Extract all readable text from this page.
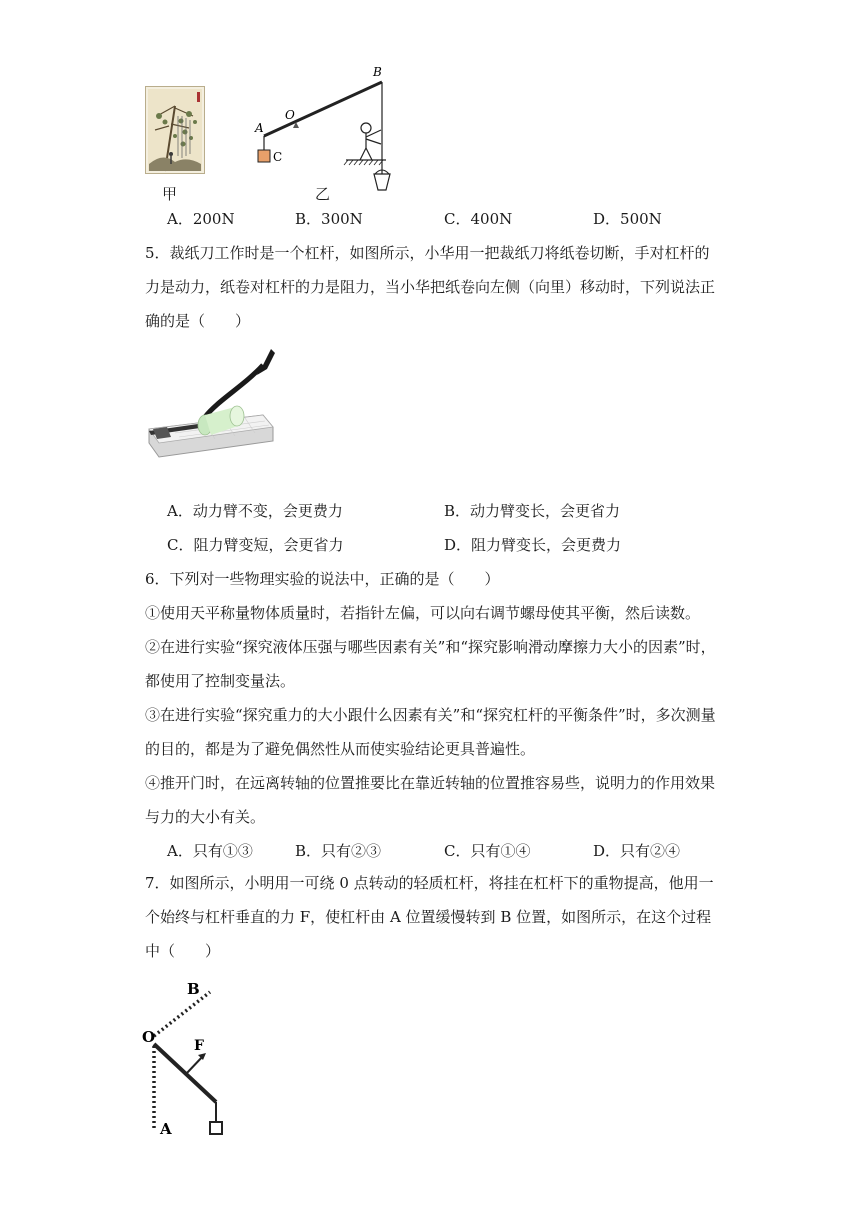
甲
B
A
O
C
乙
A．200N	B．300N	C．400N	D．500N
5．裁纸刀工作时是一个杠杆，如图所示，小华用一把裁纸刀将纸卷切断，手对杠杆的
力是动力，纸卷对杠杆的力是阻力，当小华把纸卷向左侧（向里）移动时，下列说法正
确的是（　　）
A．动力臂不变，会更费力	B．动力臂变长，会更省力
C．阻力臂变短，会更省力	D．阻力臂变长，会更费力
6．下列对一些物理实验的说法中，正确的是（　　）
①使用天平称量物体质量时，若指针左偏，可以向右调节螺母使其平衡，然后读数。
②在进行实验“探究液体压强与哪些因素有关”和“探究影响滑动摩擦力大小的因素”时，
都使用了控制变量法。
③在进行实验“探究重力的大小跟什么因素有关”和“探究杠杆的平衡条件”时，多次测量
的目的，都是为了避免偶然性从而使实验结论更具普遍性。
④推开门时，在远离转轴的位置推要比在靠近转轴的位置推容易些，说明力的作用效果
与力的大小有关。
A．只有①③	B．只有②③	C．只有①④	D．只有②④
7．如图所示，小明用一可绕 0 点转动的轻质杠杆，将挂在杠杆下的重物提高，他用一
个始终与杠杆垂直的力 F，使杠杆由 A 位置缓慢转到 B 位置，如图所示，在这个过程
中（　　）
O
B
F
A
